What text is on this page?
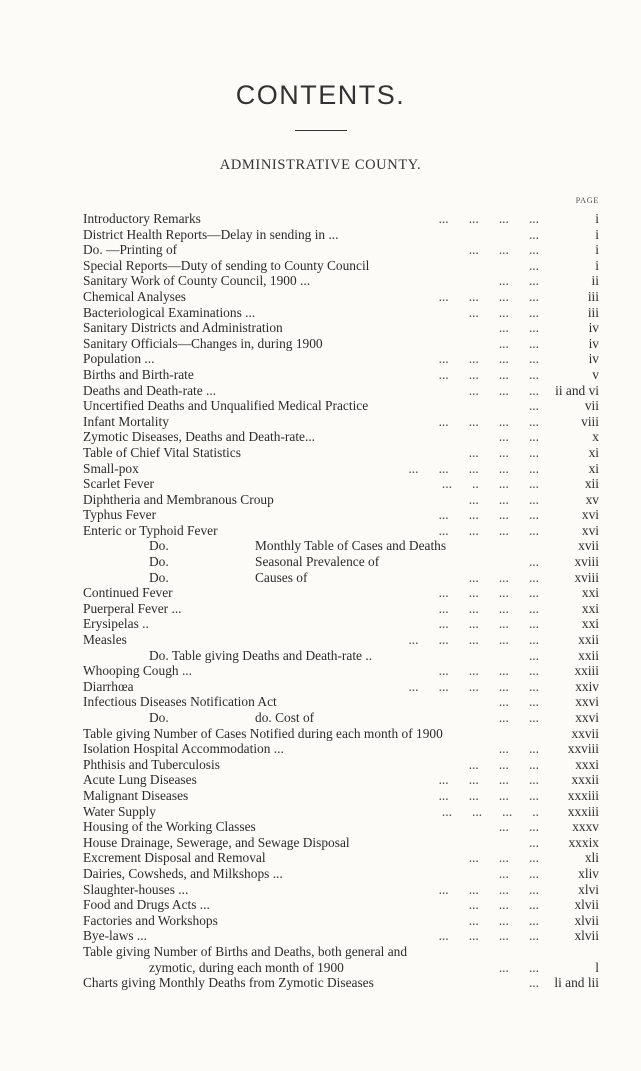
CONTENTS.
ADMINISTRATIVE COUNTY.
PAGE
Introductory Remarks	...      ...      ...      ...	i
District Health Reports—Delay in sending in ...	...	i
Do. —Printing of	...      ...      ...	i
Special Reports—Duty of sending to County Council	...	i
Sanitary Work of County Council, 1900 ...	...      ...	ii
Chemical Analyses	...      ...      ...      ...	iii
Bacteriological Examinations ...	...      ...      ...	iii
Sanitary Districts and Administration	...      ...	iv
Sanitary Officials—Changes in, during 1900	...      ...	iv
Population ...	...      ...      ...      ...	iv
Births and Birth-rate	...      ...      ...      ...	v
Deaths and Death-rate ...	...      ...      ... ii and vi
Uncertified Deaths and Unqualified Medical Practice	...	vii
Infant Mortality	...      ...      ...      ...	viii
Zymotic Diseases, Deaths and Death-rate...	...      ...	x
Table of Chief Vital Statistics	...      ...      ...	xi
Small-pox	...      ...      ...      ...      ...	xi
Scarlet Fever	...      ..      ...      ...	xii
Diphtheria and Membranous Croup	...      ...      ...	xv
Typhus Fever	...      ...      ...      ...	xvi
Enteric or Typhoid Fever	...      ...      ...      ...	xvi
Do.	Monthly Table of Cases and Deaths	xvii
Do.	Seasonal Prevalence of	...	xviii
Do.	Causes of	...      ...      ...	xviii
Continued Fever	...      ...      ...      ...	xxi
Puerperal Fever ...	...      ...      ...      ...	xxi
Erysipelas ..	...      ...      ...      ...	xxi
Measles	...      ...      ...      ...      ...	xxii
Do. Table giving Deaths and Death-rate ..	...	xxii
Whooping Cough ...	...      ...      ...      ...	xxiii
Diarrhœa	...      ...      ...      ...      ...	xxiv
Infectious Diseases Notification Act	...      ...	xxvi
Do.	do. Cost of	...      ...	xxvi
Table giving Number of Cases Notified during each month of 1900	xxvii
Isolation Hospital Accommodation ...	...      ... xxviii
Phthisis and Tuberculosis	...      ...      ...	xxxi
Acute Lung Diseases	...      ...      ...      ... xxxii
Malignant Diseases	...      ...      ...      ... xxxiii
Water Supply	...      ...      ...      .. xxxiii
Housing of the Working Classes	...      ... xxxv
House Drainage, Sewerage, and Sewage Disposal	... xxxix
Excrement Disposal and Removal	...      ...      ...	xli
Dairies, Cowsheds, and Milkshops ...	...      ...	xliv
Slaughter-houses ...	...      ...      ...      ...	xlvi
Food and Drugs Acts ...	...      ...      ...	xlvii
Factories and Workshops	...      ...      ...	xlvii
Bye-laws ...	...      ...      ...      ...	xlvii
Table giving Number of Births and Deaths, both general and
zymotic, during each month of 1900	...      ...	l
Charts giving Monthly Deaths from Zymotic Diseases	... li and lii
